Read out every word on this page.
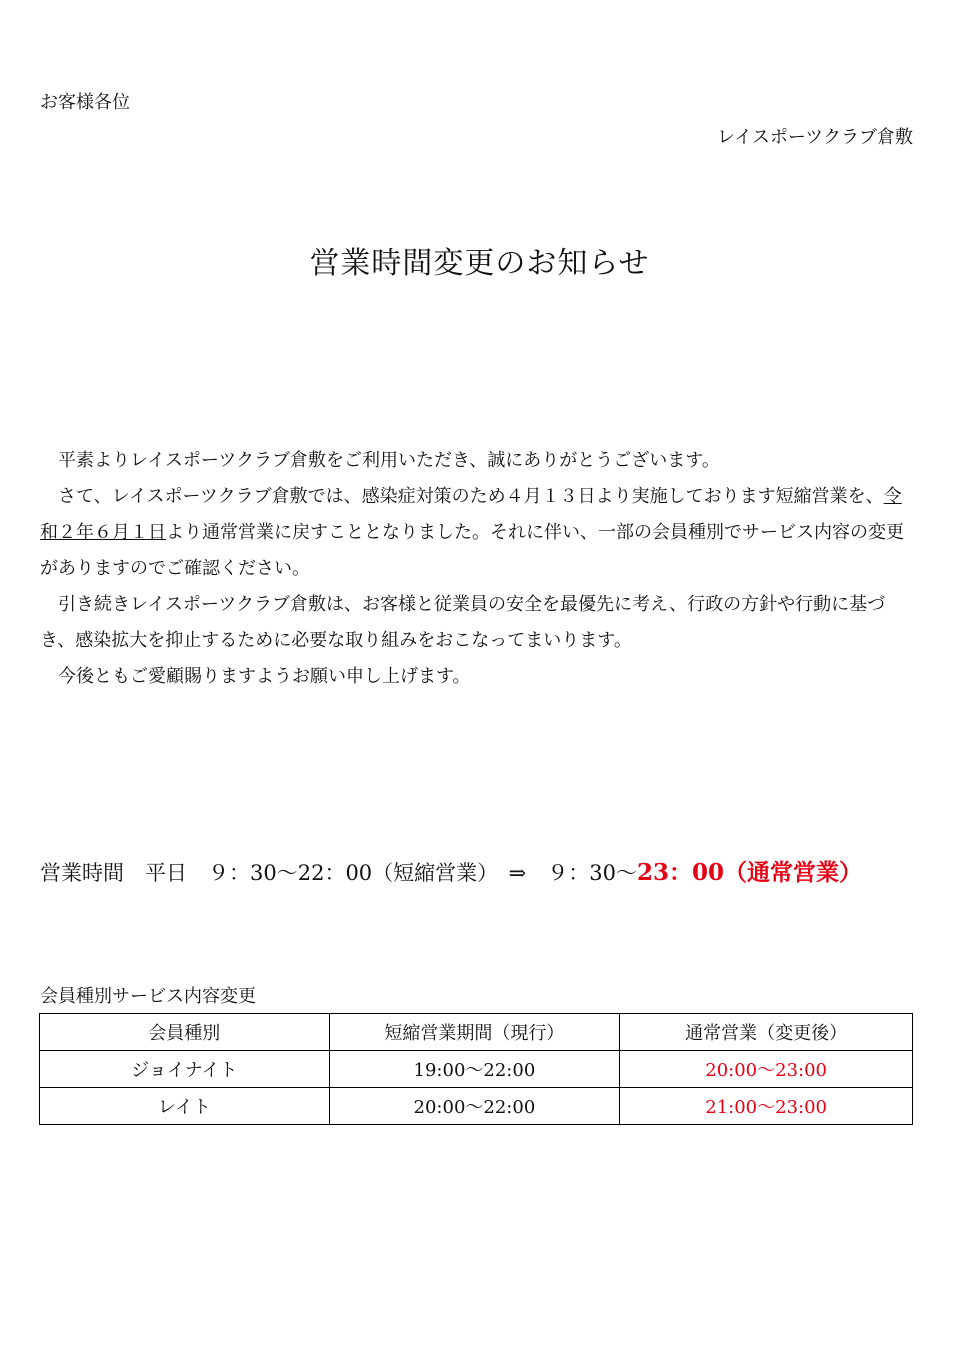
お客様各位
レイスポーツクラブ倉敷
営業時間変更のお知らせ

平素よりレイスポーツクラブ倉敷をご利用いただき、誠にありがとうございます。

さて、レイスポーツクラブ倉敷では、感染症対策のため４月１３日より実施しております短縮営業を、令和２年６月１日より通常営業に戻すこととなりました。それに伴い、一部の会員種別でサービス内容の変更がありますのでご確認ください。

引き続きレイスポーツクラブ倉敷は、お客様と従業員の安全を最優先に考え、行政の方針や行動に基づき、感染拡大を抑止するために必要な取り組みをおこなってまいります。

今後ともご愛顧賜りますようお願い申し上げます。

営業時間　平日　９：30～22：00（短縮営業）　⇒　９：30～23：00（通常営業）
会員種別サービス内容変更
会員種別	短縮営業期間（現行）	通常営業（変更後）
ジョイナイト	19:00～22:00	20:00～23:00
レイト	20:00～22:00	21:00～23:00
